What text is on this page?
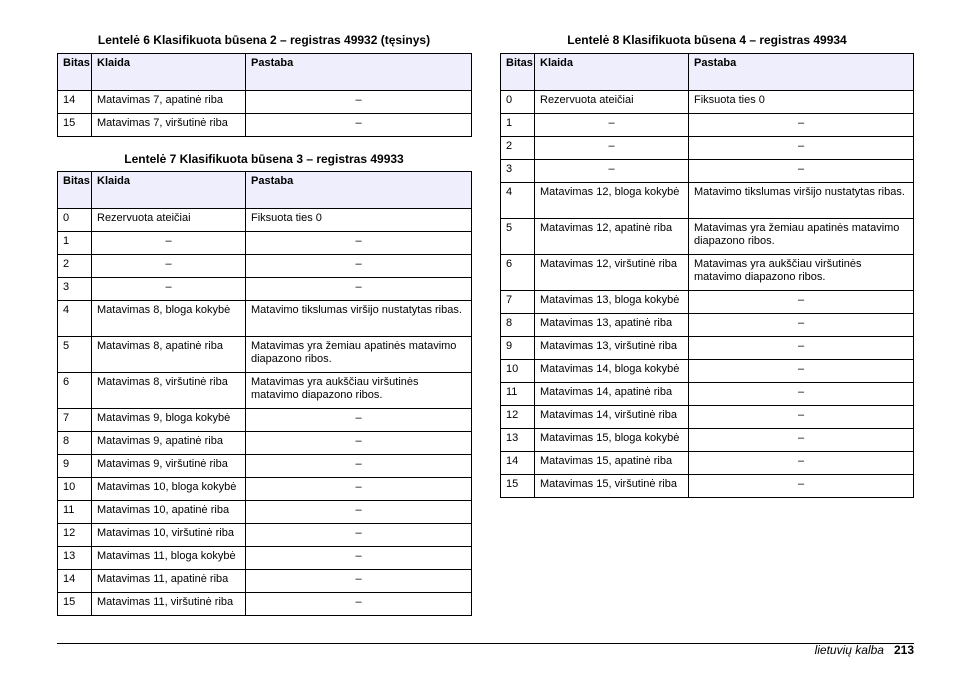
Lentelė 6 Klasifikuota būsena 2 – registras 49932 (tęsinys)
Bitas	Klaida	Pastaba
14	Matavimas 7, apatinė riba	–
15	Matavimas 7, viršutinė riba	–
Lentelė 7 Klasifikuota būsena 3 – registras 49933
Bitas	Klaida	Pastaba
0	Rezervuota ateičiai	Fiksuota ties 0
1	–	–
2	–	–
3	–	–
4	Matavimas 8, bloga kokybė	Matavimo tikslumas viršijo nustatytas ribas.
5	Matavimas 8, apatinė riba	Matavimas yra žemiau apatinės matavimo diapazono ribos.
6	Matavimas 8, viršutinė riba	Matavimas yra aukščiau viršutinės matavimo diapazono ribos.
7	Matavimas 9, bloga kokybė	–
8	Matavimas 9, apatinė riba	–
9	Matavimas 9, viršutinė riba	–
10	Matavimas 10, bloga kokybė	–
11	Matavimas 10, apatinė riba	–
12	Matavimas 10, viršutinė riba	–
13	Matavimas 11, bloga kokybė	–
14	Matavimas 11, apatinė riba	–
15	Matavimas 11, viršutinė riba	–
Lentelė 8 Klasifikuota būsena 4 – registras 49934
Bitas	Klaida	Pastaba
0	Rezervuota ateičiai	Fiksuota ties 0
1	–	–
2	–	–
3	–	–
4	Matavimas 12, bloga kokybė	Matavimo tikslumas viršijo nustatytas ribas.
5	Matavimas 12, apatinė riba	Matavimas yra žemiau apatinės matavimo diapazono ribos.
6	Matavimas 12, viršutinė riba	Matavimas yra aukščiau viršutinės matavimo diapazono ribos.
7	Matavimas 13, bloga kokybė	–
8	Matavimas 13, apatinė riba	–
9	Matavimas 13, viršutinė riba	–
10	Matavimas 14, bloga kokybė	–
11	Matavimas 14, apatinė riba	–
12	Matavimas 14, viršutinė riba	–
13	Matavimas 15, bloga kokybė	–
14	Matavimas 15, apatinė riba	–
15	Matavimas 15, viršutinė riba	–
lietuvių kalba 213
